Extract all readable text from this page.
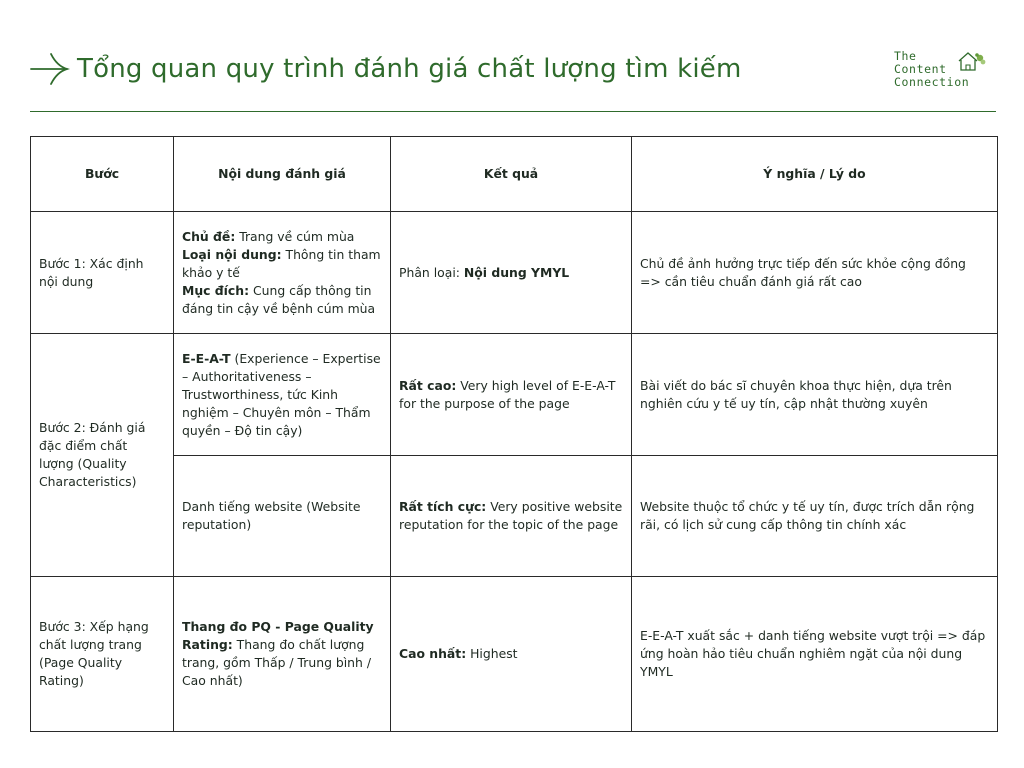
Tổng quan quy trình đánh giá chất lượng tìm kiếm	The
Content
Connection
Bước	Nội dung đánh giá	Kết quả	Ý nghĩa / Lý do
Bước 1: Xác định nội dung	Chủ đề: Trang về cúm mùa
Loại nội dung: Thông tin tham khảo y tế
Mục đích: Cung cấp thông tin đáng tin cậy về bệnh cúm mùa	Phân loại: Nội dung YMYL	Chủ đề ảnh hưởng trực tiếp đến sức khỏe cộng đồng => cần tiêu chuẩn đánh giá rất cao
Bước 2: Đánh giá đặc điểm chất lượng (Quality Characteristics)	E-E-A-T (Experience – Expertise – Authoritativeness – Trustworthiness, tức Kinh nghiệm – Chuyên môn – Thẩm quyền – Độ tin cậy)	Rất cao: Very high level of E-E-A-T for the purpose of the page	Bài viết do bác sĩ chuyên khoa thực hiện, dựa trên nghiên cứu y tế uy tín, cập nhật thường xuyên
	Danh tiếng website (Website reputation)	Rất tích cực: Very positive website reputation for the topic of the page	Website thuộc tổ chức y tế uy tín, được trích dẫn rộng rãi, có lịch sử cung cấp thông tin chính xác
Bước 3: Xếp hạng chất lượng trang (Page Quality Rating)	Thang đo PQ - Page Quality Rating: Thang đo chất lượng trang, gồm Thấp / Trung bình / Cao nhất)	Cao nhất: Highest	E-E-A-T xuất sắc + danh tiếng website vượt trội => đáp ứng hoàn hảo tiêu chuẩn nghiêm ngặt của nội dung YMYL
